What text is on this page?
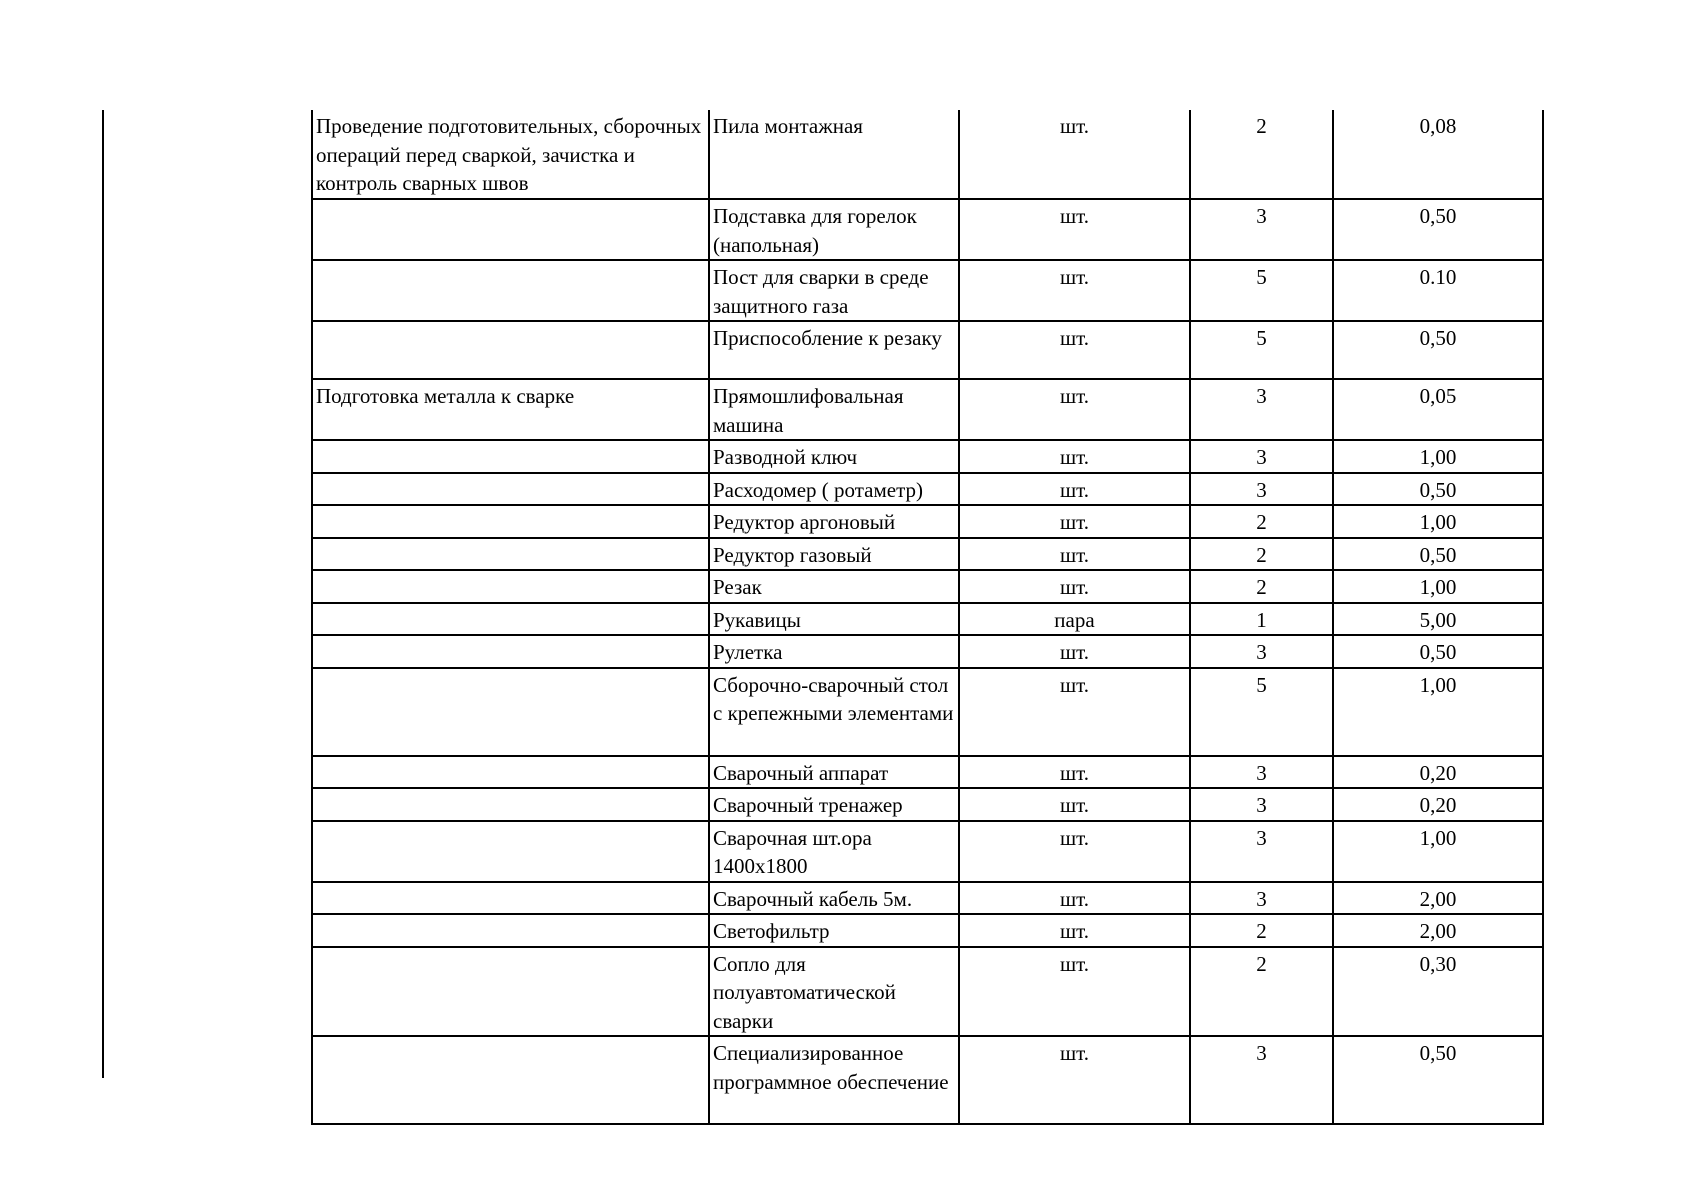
Проведение подготовительных, сборочных операций перед сваркой, зачистка и контроль сварных швов	Пила монтажная	шт.	2	0,08
	Подставка для горелок (напольная)	шт.	3	0,50
	Пост для сварки в среде защитного газа	шт.	5	0.10
	Приспособление к резаку	шт.	5	0,50
Подготовка металла к сварке	Прямошлифовальная машина	шт.	3	0,05
	Разводной ключ	шт.	3	1,00
	Расходомер ( ротаметр)	шт.	3	0,50
	Редуктор аргоновый	шт.	2	1,00
	Редуктор газовый	шт.	2	0,50
	Резак	шт.	2	1,00
	Рукавицы	пара	1	5,00
	Рулетка	шт.	3	0,50
	Сборочно-сварочный стол с крепежными элементами	шт.	5	1,00
	Сварочный аппарат	шт.	3	0,20
	Сварочный тренажер	шт.	3	0,20
	Сварочная шт.ора 1400х1800	шт.	3	1,00
	Сварочный кабель 5м.	шт.	3	2,00
	Светофильтр	шт.	2	2,00
	Сопло для полуавтоматической сварки	шт.	2	0,30
	Специализированное программное обеспечение	шт.	3	0,50
